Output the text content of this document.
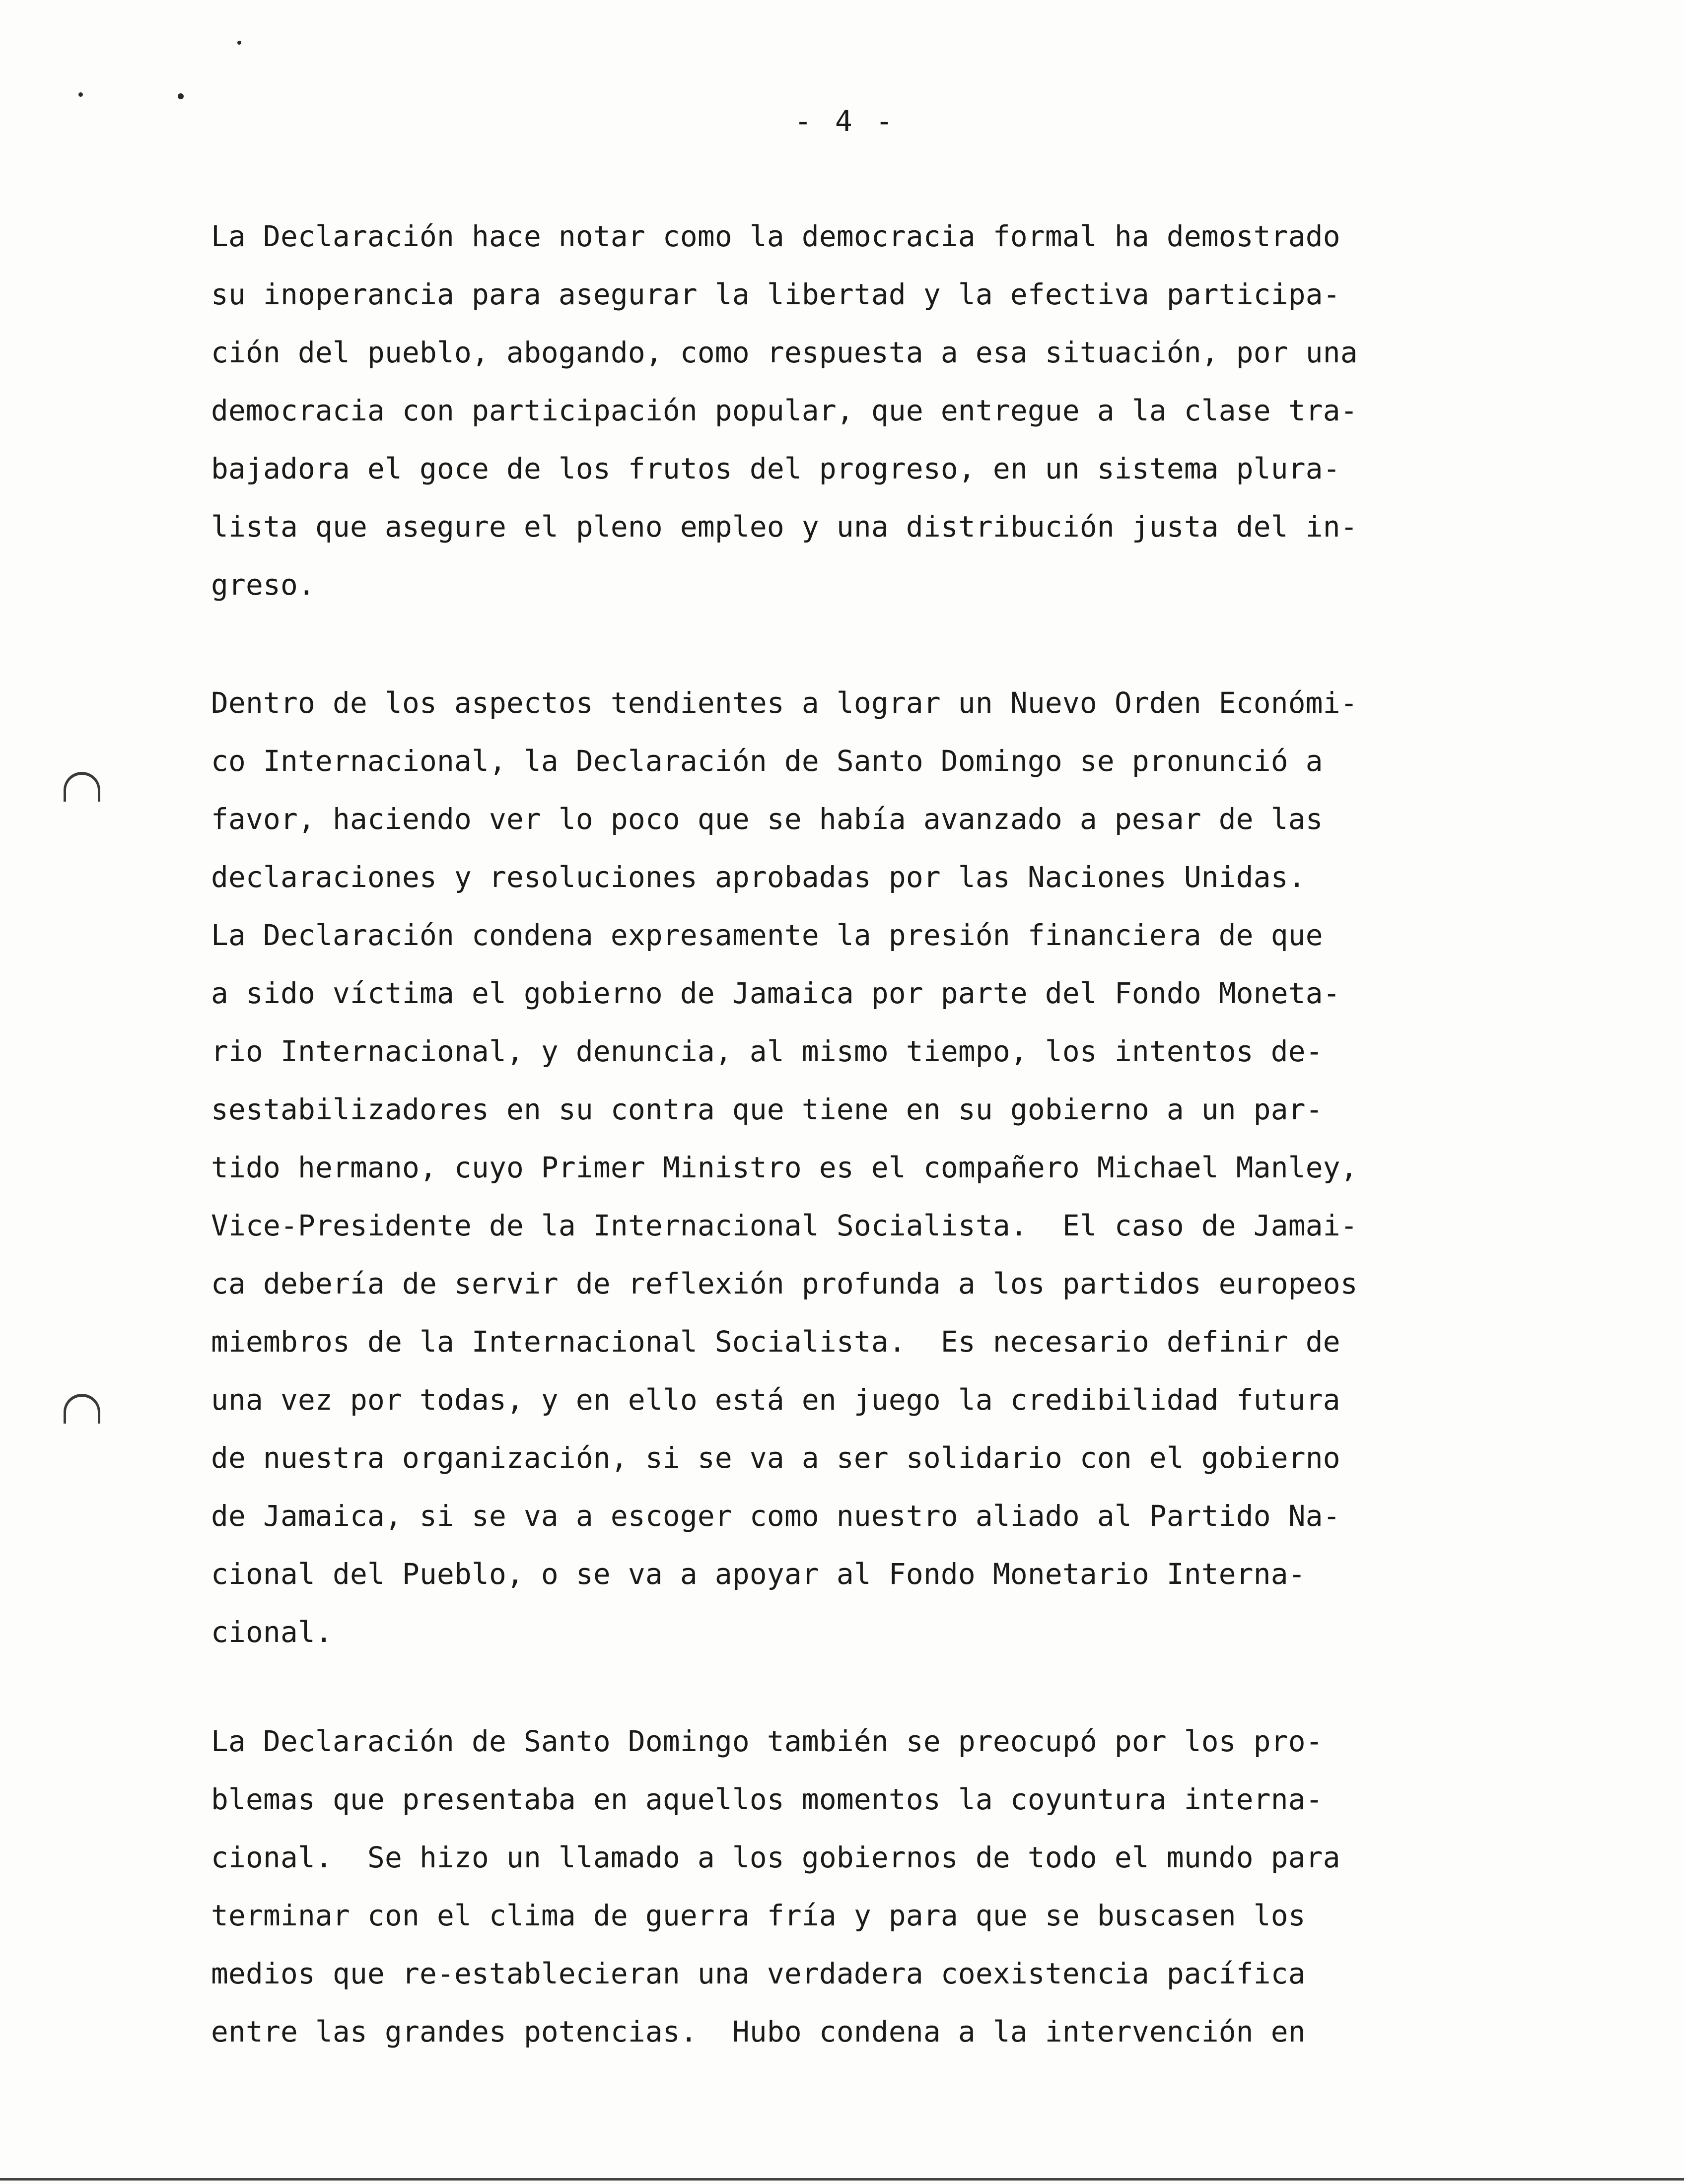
- 4 -
La Declaración hace notar como la democracia formal ha demostrado
su inoperancia para asegurar la libertad y la efectiva participa-
ción del pueblo, abogando, como respuesta a esa situación, por una
democracia con participación popular, que entregue a la clase tra-
bajadora el goce de los frutos del progreso, en un sistema plura-
lista que asegure el pleno empleo y una distribución justa del in-
greso.
Dentro de los aspectos tendientes a lograr un Nuevo Orden Económi-
co Internacional, la Declaración de Santo Domingo se pronunció a
favor, haciendo ver lo poco que se había avanzado a pesar de las
declaraciones y resoluciones aprobadas por las Naciones Unidas.
La Declaración condena expresamente la presión financiera de que
a sido víctima el gobierno de Jamaica por parte del Fondo Moneta-
rio Internacional, y denuncia, al mismo tiempo, los intentos de-
sestabilizadores en su contra que tiene en su gobierno a un par-
tido hermano, cuyo Primer Ministro es el compañero Michael Manley,
Vice-Presidente de la Internacional Socialista.  El caso de Jamai-
ca debería de servir de reflexión profunda a los partidos europeos
miembros de la Internacional Socialista.  Es necesario definir de
una vez por todas, y en ello está en juego la credibilidad futura
de nuestra organización, si se va a ser solidario con el gobierno
de Jamaica, si se va a escoger como nuestro aliado al Partido Na-
cional del Pueblo, o se va a apoyar al Fondo Monetario Interna-
cional.
La Declaración de Santo Domingo también se preocupó por los pro-
blemas que presentaba en aquellos momentos la coyuntura interna-
cional.  Se hizo un llamado a los gobiernos de todo el mundo para
terminar con el clima de guerra fría y para que se buscasen los
medios que re-establecieran una verdadera coexistencia pacífica
entre las grandes potencias.  Hubo condena a la intervención en
